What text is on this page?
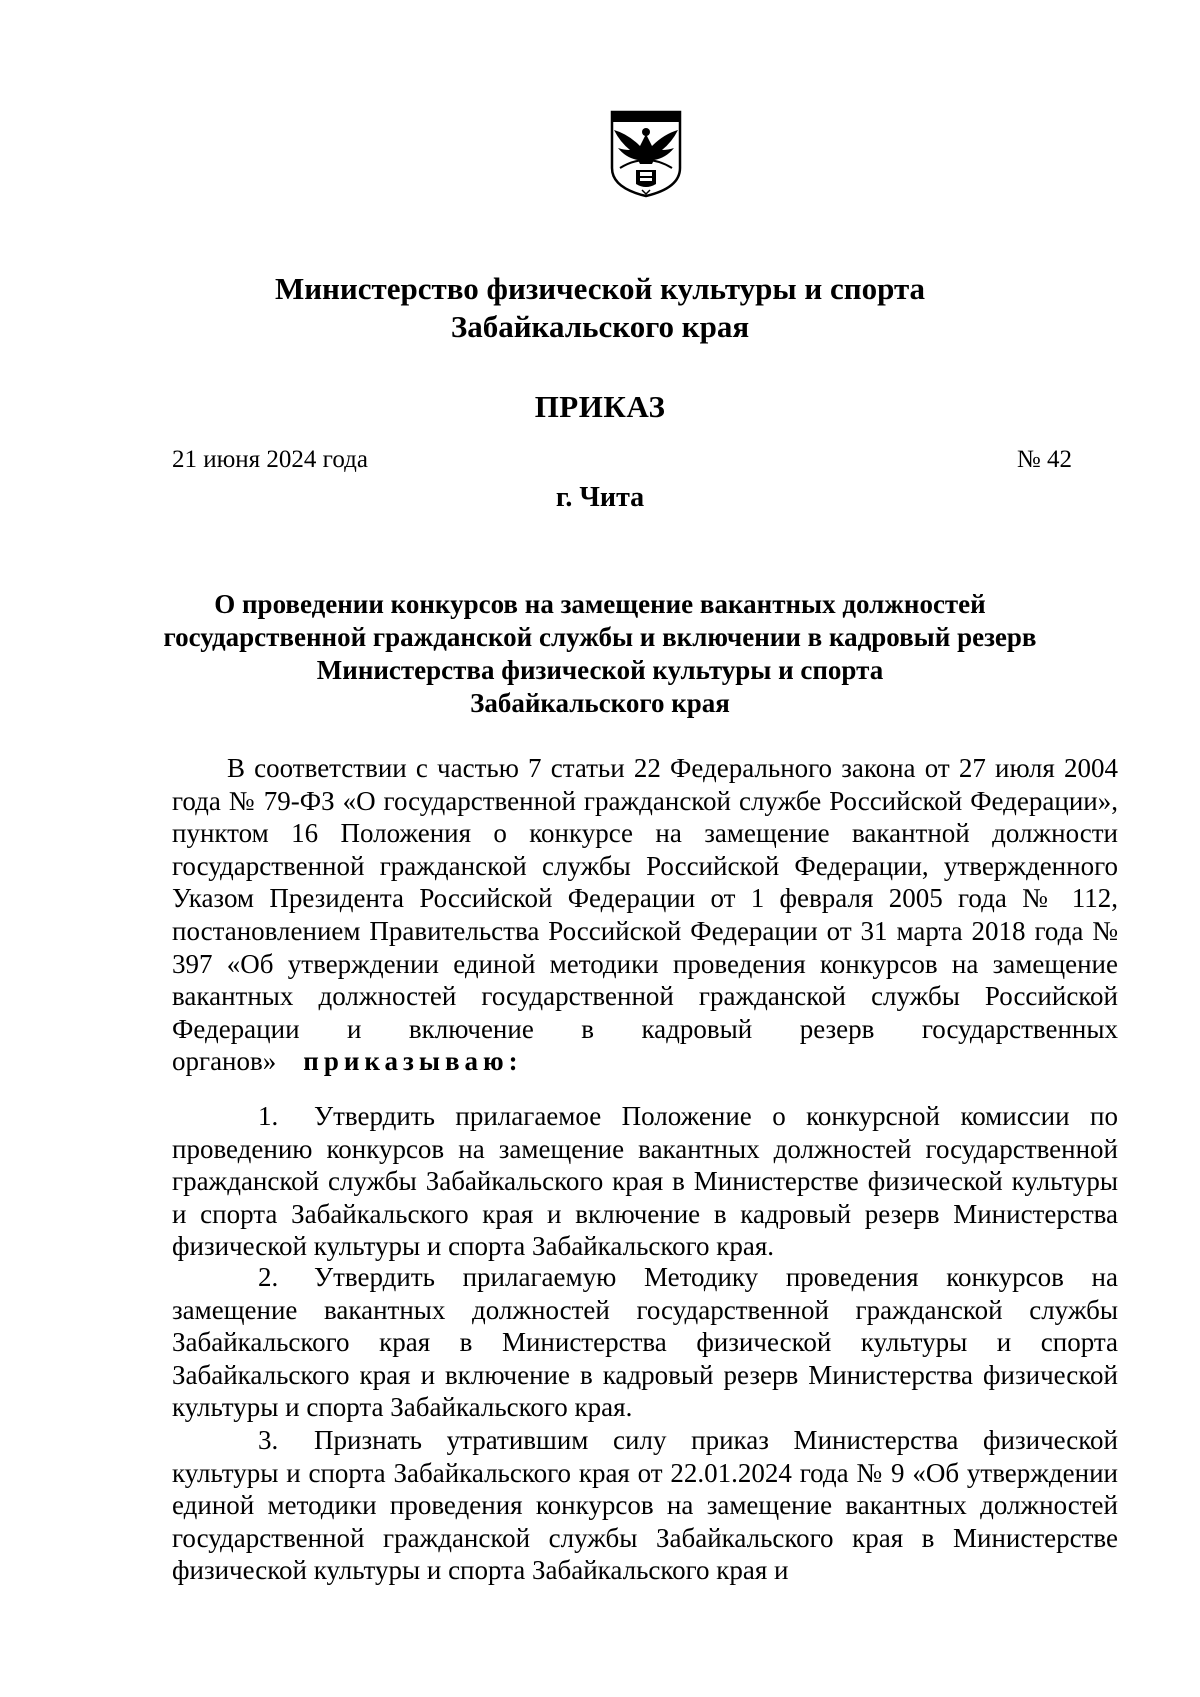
Министерство физической культуры и спорта
Забайкальского края
ПРИКАЗ
21 июня 2024 года	№ 42
г. Чита
О проведении конкурсов на замещение вакантных должностей
государственной гражданской службы и включении в кадровый резерв
Министерства физической культуры и спорта
Забайкальского края

В соответствии с частью 7 статьи 22 Федерального закона от 27 июля 2004 года № 79-ФЗ «О государственной гражданской службе Российской Федерации», пунктом 16 Положения о конкурсе на замещение вакантной должности государственной гражданской службы Российской Федерации, утвержденного Указом Президента Российской Федерации от 1 февраля 2005 года № 112, постановлением Правительства Российской Федерации от 31 марта 2018 года № 397 «Об утверждении единой методики проведения конкурсов на замещение вакантных должностей государственной гражданской службы Российской Федерации и включение в кадровый резерв государственных органов» приказываю:

1. Утвердить прилагаемое Положение о конкурсной комиссии по проведению конкурсов на замещение вакантных должностей государственной гражданской службы Забайкальского края в Министерстве физической культуры и спорта Забайкальского края и включение в кадровый резерв Министерства физической культуры и спорта Забайкальского края.

2. Утвердить прилагаемую Методику проведения конкурсов на замещение вакантных должностей государственной гражданской службы Забайкальского края в Министерства физической культуры и спорта Забайкальского края и включение в кадровый резерв Министерства физической культуры и спорта Забайкальского края.

3. Признать утратившим силу приказ Министерства физической культуры и спорта Забайкальского края от 22.01.2024 года № 9 «Об утверждении единой методики проведения конкурсов на замещение вакантных должностей государственной гражданской службы Забайкальского края в Министерстве физической культуры и спорта Забайкальского края и
